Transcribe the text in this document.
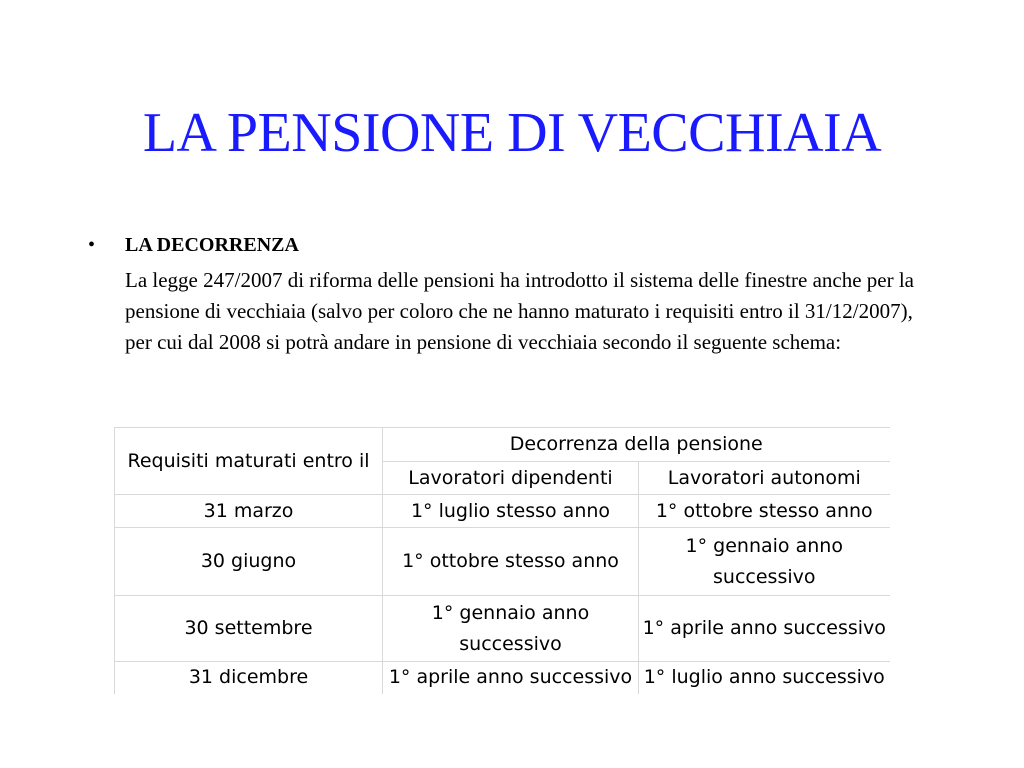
LA PENSIONE DI VECCHIAIA
•	LA DECORRENZA
La legge 247/2007 di riforma delle pensioni ha introdotto il sistema delle finestre anche per la pensione di vecchiaia (salvo per coloro che ne hanno maturato i requisiti entro il 31/12/2007), per cui dal 2008 si potrà andare in pensione di vecchiaia secondo il seguente schema:
Requisiti maturati entro il	Decorrenza della pensione	
	Lavoratori dipendenti	Lavoratori autonomi
31 marzo	1° luglio stesso anno	1° ottobre stesso anno
30 giugno	1° ottobre stesso anno	1° gennaio anno successivo
30 settembre	1° gennaio anno successivo	1° aprile anno successivo
31 dicembre	1° aprile anno successivo	1° luglio anno successivo
